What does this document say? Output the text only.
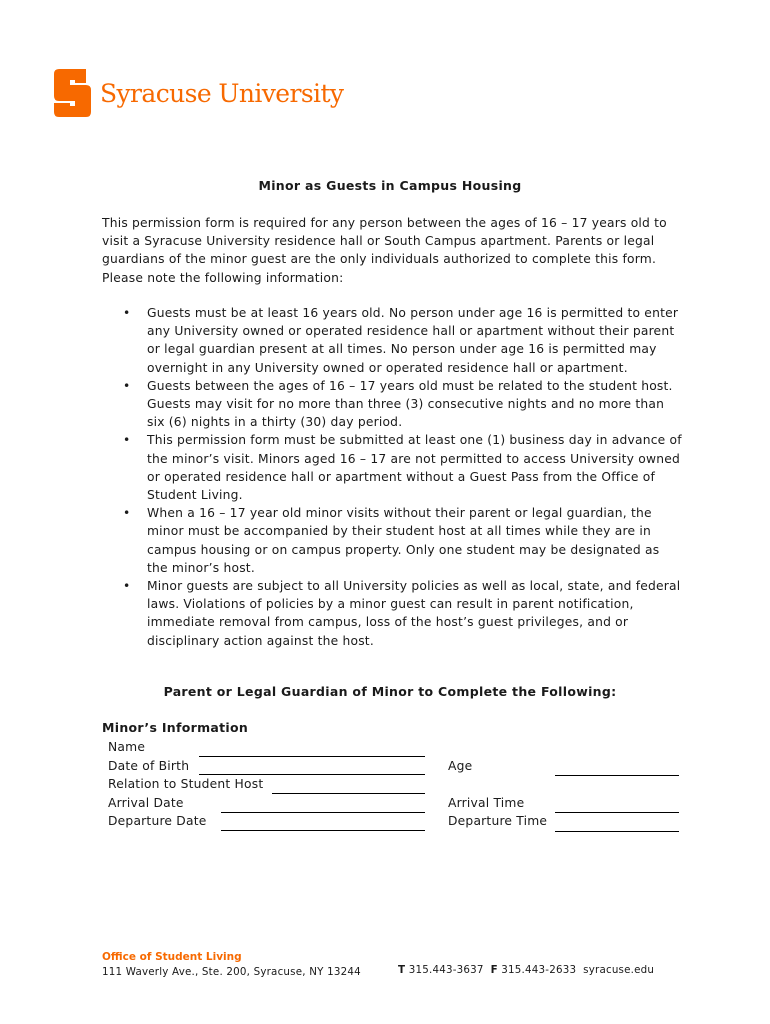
Syracuse University
Minor as Guests in Campus Housing

This permission form is required for any person between the ages of 16 – 17 years old to visit a Syracuse University residence hall or South Campus apartment. Parents or legal guardians of the minor guest are the only individuals authorized to complete this form. Please note the following information:

• Guests must be at least 16 years old. No person under age 16 is permitted to enter any University owned or operated residence hall or apartment without their parent or legal guardian present at all times. No person under age 16 is permitted may overnight in any University owned or operated residence hall or apartment.
• Guests between the ages of 16 – 17 years old must be related to the student host. Guests may visit for no more than three (3) consecutive nights and no more than six (6) nights in a thirty (30) day period.
• This permission form must be submitted at least one (1) business day in advance of the minor’s visit. Minors aged 16 – 17 are not permitted to access University owned or operated residence hall or apartment without a Guest Pass from the Office of Student Living.
• When a 16 – 17 year old minor visits without their parent or legal guardian, the minor must be accompanied by their student host at all times while they are in campus housing or on campus property. Only one student may be designated as the minor’s host.
• Minor guests are subject to all University policies as well as local, state, and federal laws. Violations of policies by a minor guest can result in parent notification, immediate removal from campus, loss of the host’s guest privileges, and or disciplinary action against the host.
Parent or Legal Guardian of Minor to Complete the Following:
Minor’s Information
Name
Date of Birth	Age
Relation to Student Host
Arrival Date	Arrival Time
Departure Date	Departure Time
Office of Student Living
111 Waverly Ave., Ste. 200, Syracuse, NY 13244	T 315.443-3637 F 315.443-2633 syracuse.edu
